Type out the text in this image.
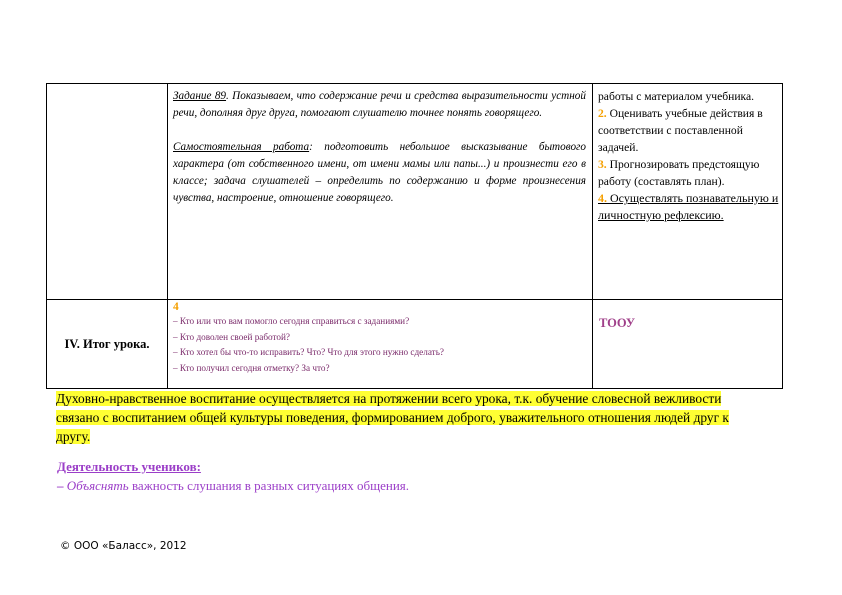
Задание 89. Показываем, что содержание речи и средства выразительности устной речи, дополняя друг друга, помогают слушателю точнее понять говорящего.
Самостоятельная работа: подготовить небольшое высказывание бытового характера (от собственного имени, от имени мамы или папы...) и произнести его в классе; задача слушателей – определить по содержанию и форме произнесения чувства, настроение, отношение говорящего.
работы с материалом учебника.
2. Оценивать учебные действия в соответствии с поставленной задачей.
3. Прогнозировать предстоящую работу (составлять план).
4. Осуществлять познавательную и личностную рефлексию.
IV. Итог урока.
4
– Кто или что вам помогло сегодня справиться с заданиями?
– Кто доволен своей работой?
– Кто хотел бы что-то исправить? Что? Что для этого нужно сделать?
– Кто получил сегодня отметку? За что?
ТООУ
Духовно-нравственное воспитание осуществляется на протяжении всего урока, т.к. обучение словесной вежливости связано с воспитанием общей культуры поведения, формированием доброго, уважительного отношения людей друг к другу.
Деятельность учеников:
– Объяснять важность слушания в разных ситуациях общения.
© ООО «Баласс», 2012
